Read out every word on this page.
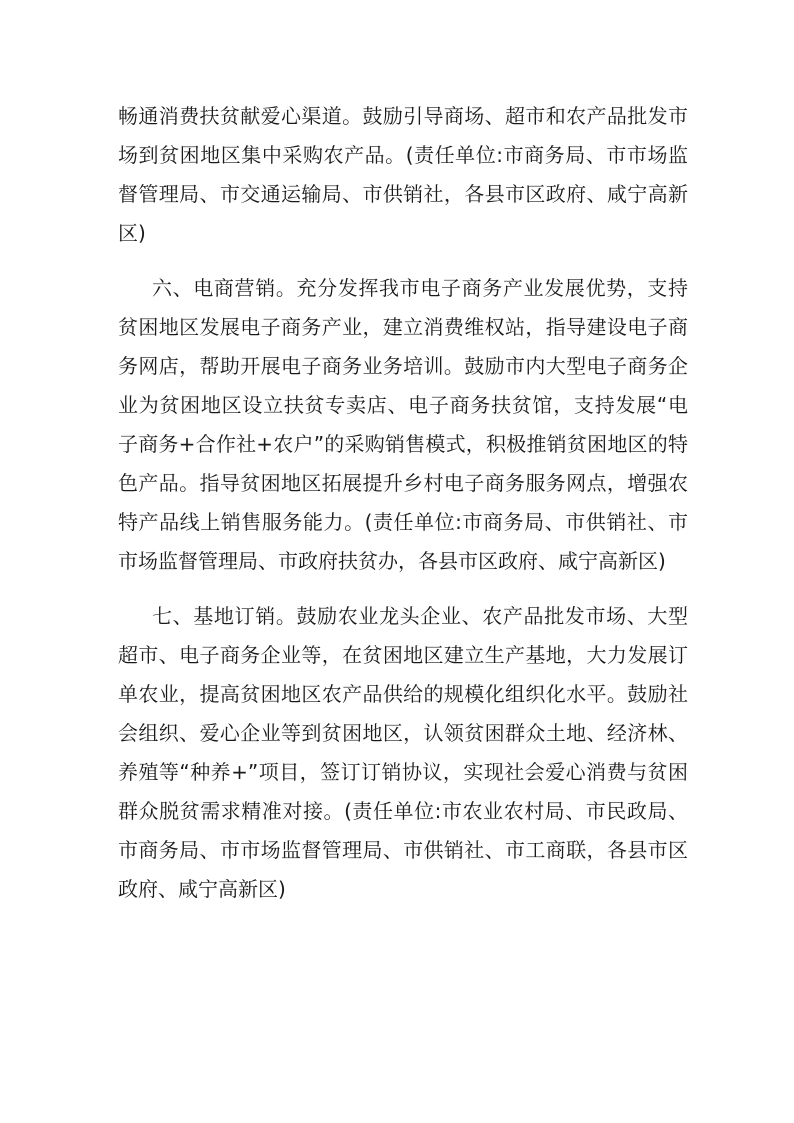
畅通消费扶贫献爱心渠道。鼓励引导商场、超市和农产品批发市场到贫困地区集中采购农产品。(责任单位:市商务局、市市场监督管理局、市交通运输局、市供销社，各县市区政府、咸宁高新区)

六、电商营销。充分发挥我市电子商务产业发展优势，支持贫困地区发展电子商务产业，建立消费维权站，指导建设电子商务网店，帮助开展电子商务业务培训。鼓励市内大型电子商务企业为贫困地区设立扶贫专卖店、电子商务扶贫馆，支持发展“电子商务+合作社+农户”的采购销售模式，积极推销贫困地区的特色产品。指导贫困地区拓展提升乡村电子商务服务网点，增强农特产品线上销售服务能力。(责任单位:市商务局、市供销社、市市场监督管理局、市政府扶贫办，各县市区政府、咸宁高新区)

七、基地订销。鼓励农业龙头企业、农产品批发市场、大型超市、电子商务企业等，在贫困地区建立生产基地，大力发展订单农业，提高贫困地区农产品供给的规模化组织化水平。鼓励社会组织、爱心企业等到贫困地区，认领贫困群众土地、经济林、养殖等“种养+”项目，签订订销协议，实现社会爱心消费与贫困群众脱贫需求精准对接。(责任单位:市农业农村局、市民政局、市商务局、市市场监督管理局、市供销社、市工商联，各县市区政府、咸宁高新区)
